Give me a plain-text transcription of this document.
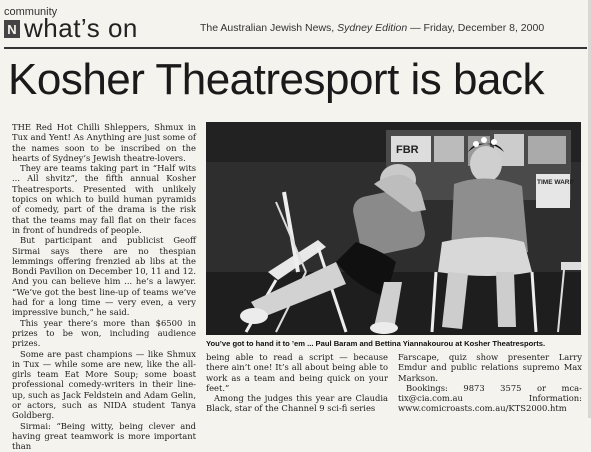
community
N what’s on	The Australian Jewish News, Sydney Edition — Friday, December 8, 2000
Kosher Theatresport is back

THE Red Hot Chilli Shleppers, Shmux in Tux and Yent! As Anything are just some of the names soon to be inscribed on the hearts of Sydney’s Jewish theatre-lovers.

They are teams taking part in “Half wits ... All shvitz”, the fifth annual Kosher Theatresports. Presented with unlikely topics on which to build human pyramids of comedy, part of the drama is the risk that the teams may fall flat on their faces in front of hundreds of people.

But participant and publicist Geoff Sirmai says there are no thespian lemmings offering frenzied ab libs at the Bondi Pavilion on December 10, 11 and 12. And you can believe him ... he’s a lawyer. “We’ve got the best line-up of teams we’ve had for a long time — very even, a very impressive bunch,” he said.

This year there’s more than $6500 in prizes to be won, including audience prizes.

Some are past champions — like Shmux in Tux — while some are new, like the all-girls team Eat More Soup; some boast professional comedy-writers in their line-up, such as Jack Feldstein and Adam Gelin, or actors, such as NIDA student Tanya Goldberg.

Sirmai: “Being witty, being clever and having great teamwork is more important than

FBR
TIME WARP
You’ve got to hand it to ’em ... Paul Baram and Bettina Yiannakourou at Kosher Theatresports.

being able to read a script — because there ain’t one! It’s all about being able to work as a team and being quick on your feet.”

Among the judges this year are Claudia Black, star of the Channel 9 sci-fi series

Farscape, quiz show presenter Larry Emdur and public relations supremo Max Markson.

Bookings: 9873 3575 or mca-tix@cia.com.au Information: www.comicroasts.com.au/KTS2000.htm
